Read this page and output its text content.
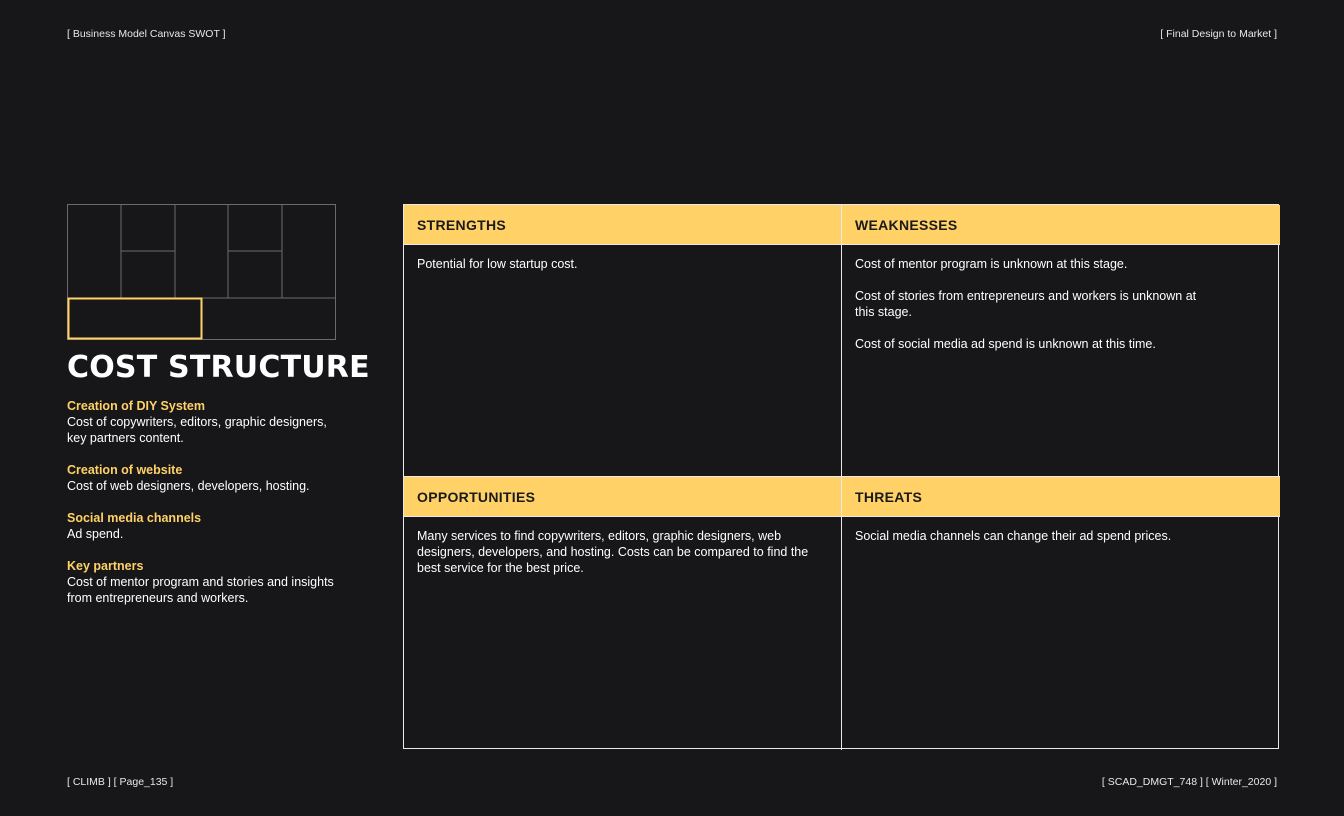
[ Business Model Canvas SWOT ]	[ Final Design to Market ]
COST STRUCTURE
Creation of DIY System
Cost of copywriters, editors, graphic designers, key partners content.
Creation of website
Cost of web designers, developers, hosting.
Social media channels
Ad spend.
Key partners
Cost of mentor program and stories and insights from entrepreneurs and workers.
STRENGTHS

Potential for low startup cost.

WEAKNESSES

Cost of mentor program is unknown at this stage.

Cost of stories from entrepreneurs and workers is unknown at this stage.

Cost of social media ad spend is unknown at this time.

OPPORTUNITIES

Many services to find copywriters, editors, graphic designers, web designers, developers, and hosting. Costs can be compared to find the best service for the best price.

THREATS

Social media channels can change their ad spend prices.

[ CLIMB ] [ Page_135 ]	[ SCAD_DMGT_748 ] [ Winter_2020 ]
